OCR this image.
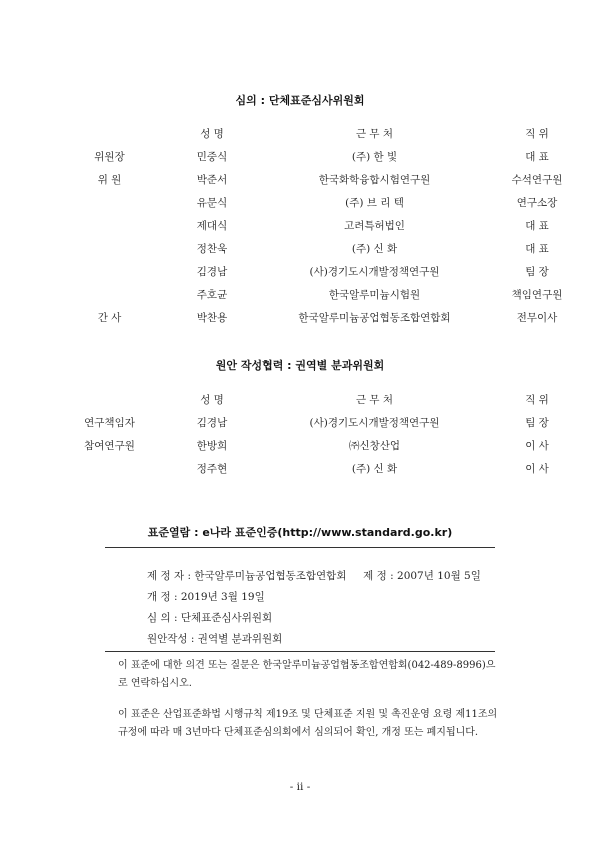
심의 : 단체표준심사위원회
	성 명	근 무 처	직 위
위원장	민중식	(주) 한 빛	대 표
위 원	박준서	한국화학융합시험연구원	수석연구원
	유문식	(주) 브 리 텍	연구소장
	제대식	고려특허법인	대 표
	정찬욱	(주) 신 화	대 표
	김경남	(사)경기도시개발정책연구원	팀 장
	주호균	한국알루미늄시험원	책임연구원
간 사	박찬용	한국알루미늄공업협동조합연합회	전무이사
원안 작성협력 : 권역별 분과위원회
	성 명	근 무 처	직 위
연구책임자	김경남	(사)경기도시개발정책연구원	팀 장
참여연구원	한방희	㈜신창산업	이 사
	정주현	(주) 신 화	이 사
표준열람 : e나라 표준인증(http://www.standard.go.kr)
제 정 자 : 한국알루미늄공업협동조합연합회 제 정 : 2007년 10월 5일
개 정 : 2019년 3월 19일
심 의 : 단체표준심사위원회
원안작성 : 권역별 분과위원회
이 표준에 대한 의견 또는 질문은 한국알루미늄공업협동조합연합회(042-489-8996)으로 연락하십시오.
이 표준은 산업표준화법 시행규칙 제19조 및 단체표준 지원 및 촉진운영 요령 제11조의 규정에 따라 매 3년마다 단체표준심의회에서 심의되어 확인, 개정 또는 폐지됩니다.
- ii -
